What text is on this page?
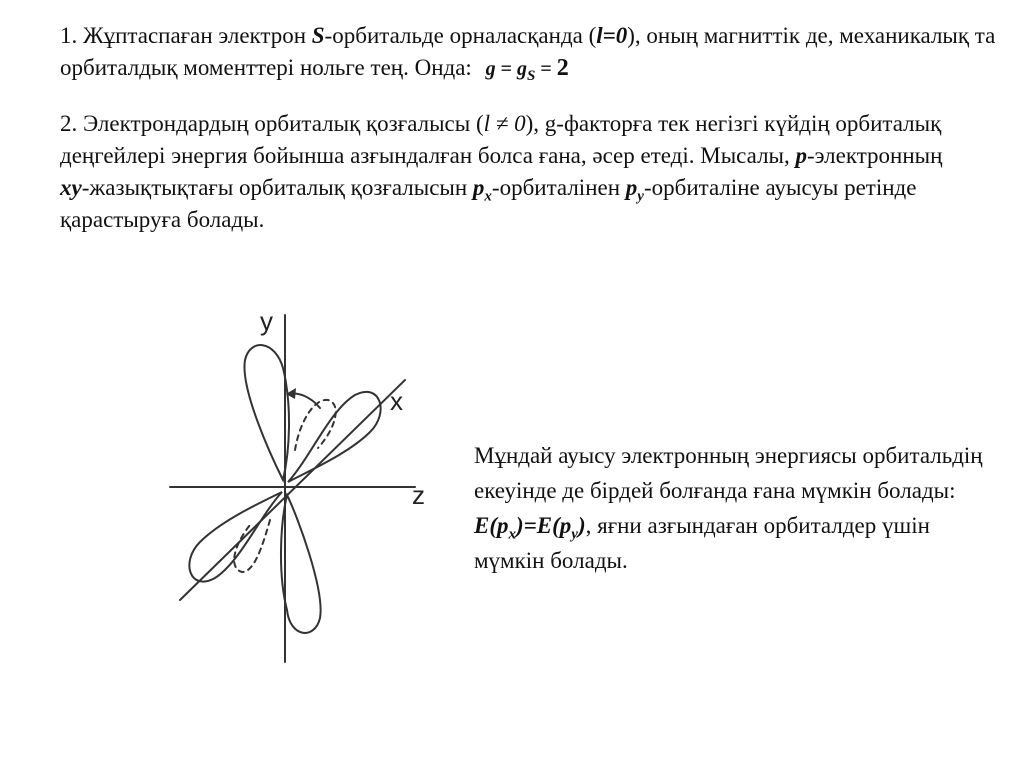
1. Жұптаспаған электрон S-орбитальде орналасқанда (l=0), оның магниттік де, механикалық та орбиталдық моменттері нольге тең. Онда: $g = g_S = 2$

2. Электрондардың орбиталық қозғалысы (l ≠ 0), g-факторға тек негізгі күйдің орбиталық деңгейлері энергия бойынша азғындалған болса ғана, әсер етеді. Мысалы, p-электронның xy-жазықтықтағы орбиталық қозғалысын $p_x$-орбиталінен $p_y$-орбиталіне ауысуы ретінде қарастыруға болады.

y
x
z

Мұндай ауысу электронның энергиясы орбитальдің екеуінде де бірдей болғанда ғана мүмкін болады: $E(p_x)=E(p_y)$, яғни азғындаған орбиталдер үшін мүмкін болады.
